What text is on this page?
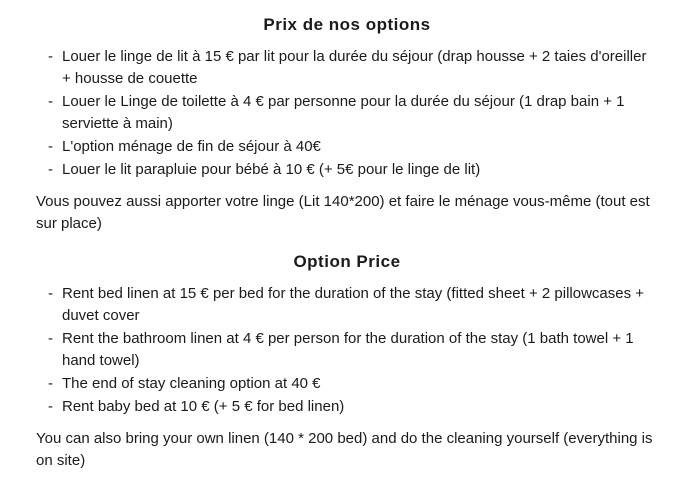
Prix de nos options
- Louer le linge de lit à 15 € par lit pour la durée du séjour (drap housse + 2 taies d'oreiller + housse de couette
- Louer le Linge de toilette à 4 € par personne pour la durée du séjour (1 drap bain + 1 serviette à main)
- L'option ménage de fin de séjour à 40€
- Louer le lit parapluie pour bébé à 10 € (+ 5€ pour le linge de lit)

Vous pouvez aussi apporter votre linge (Lit 140*200) et faire le ménage vous-même (tout est sur place)

Option Price
- Rent bed linen at 15 € per bed for the duration of the stay (fitted sheet + 2 pillowcases + duvet cover
- Rent the bathroom linen at 4 € per person for the duration of the stay (1 bath towel + 1 hand towel)
- The end of stay cleaning option at 40 €
- Rent baby bed at 10 € (+ 5 € for bed linen)

You can also bring your own linen (140 * 200 bed) and do the cleaning yourself (everything is on site)
